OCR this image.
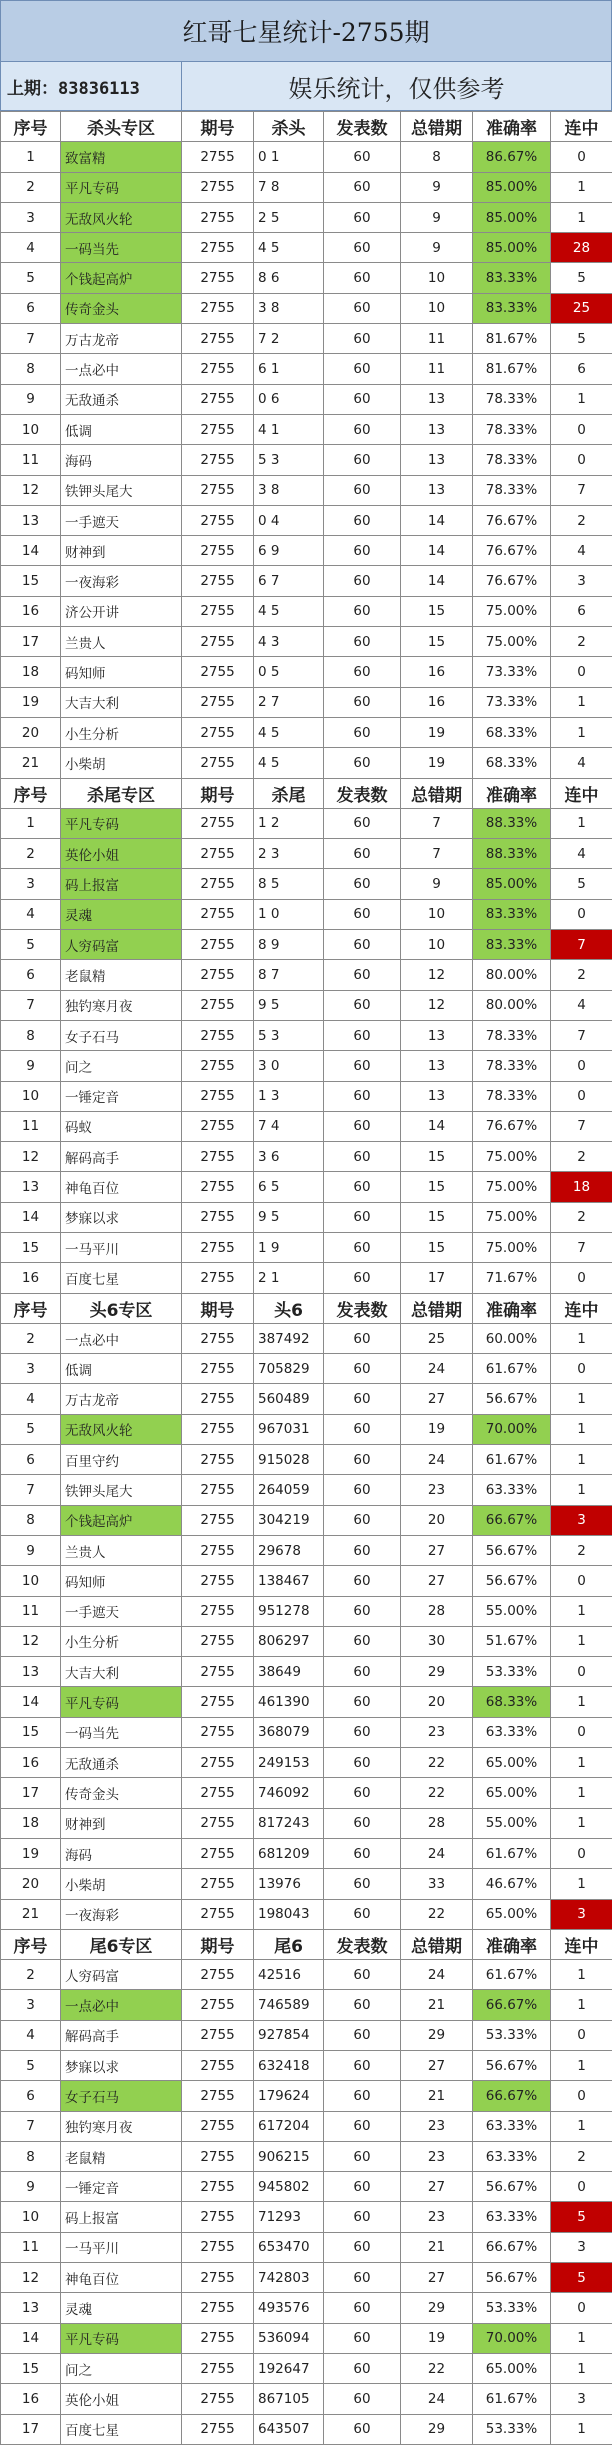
红哥七星统计-2755期
上期：83836113	娱乐统计，仅供参考
序号	杀头专区	期号	杀头	发表数	总错期	准确率	连中
1	致富精	2755	0 1	60	8	86.67%	0
2	平凡专码	2755	7 8	60	9	85.00%	1
3	无敌风火轮	2755	2 5	60	9	85.00%	1
4	一码当先	2755	4 5	60	9	85.00%	28
5	个钱起高炉	2755	8 6	60	10	83.33%	5
6	传奇金头	2755	3 8	60	10	83.33%	25
7	万古龙帝	2755	7 2	60	11	81.67%	5
8	一点必中	2755	6 1	60	11	81.67%	6
9	无敌通杀	2755	0 6	60	13	78.33%	1
10	低调	2755	4 1	60	13	78.33%	0
11	海码	2755	5 3	60	13	78.33%	0
12	铁钾头尾大	2755	3 8	60	13	78.33%	7
13	一手遮天	2755	0 4	60	14	76.67%	2
14	财神到	2755	6 9	60	14	76.67%	4
15	一夜海彩	2755	6 7	60	14	76.67%	3
16	济公开讲	2755	4 5	60	15	75.00%	6
17	兰贵人	2755	4 3	60	15	75.00%	2
18	码知师	2755	0 5	60	16	73.33%	0
19	大吉大利	2755	2 7	60	16	73.33%	1
20	小生分析	2755	4 5	60	19	68.33%	1
21	小柴胡	2755	4 5	60	19	68.33%	4
序号	杀尾专区	期号	杀尾	发表数	总错期	准确率	连中
1	平凡专码	2755	1 2	60	7	88.33%	1
2	英伦小姐	2755	2 3	60	7	88.33%	4
3	码上报富	2755	8 5	60	9	85.00%	5
4	灵魂	2755	1 0	60	10	83.33%	0
5	人穷码富	2755	8 9	60	10	83.33%	7
6	老鼠精	2755	8 7	60	12	80.00%	2
7	独钓寒月夜	2755	9 5	60	12	80.00%	4
8	女子石马	2755	5 3	60	13	78.33%	7
9	问之	2755	3 0	60	13	78.33%	0
10	一锤定音	2755	1 3	60	13	78.33%	0
11	码蚁	2755	7 4	60	14	76.67%	7
12	解码高手	2755	3 6	60	15	75.00%	2
13	神龟百位	2755	6 5	60	15	75.00%	18
14	梦寐以求	2755	9 5	60	15	75.00%	2
15	一马平川	2755	1 9	60	15	75.00%	7
16	百度七星	2755	2 1	60	17	71.67%	0
序号	头6专区	期号	头6	发表数	总错期	准确率	连中
2	一点必中	2755	387492	60	25	60.00%	1
3	低调	2755	705829	60	24	61.67%	0
4	万古龙帝	2755	560489	60	27	56.67%	1
5	无敌风火轮	2755	967031	60	19	70.00%	1
6	百里守约	2755	915028	60	24	61.67%	1
7	铁钾头尾大	2755	264059	60	23	63.33%	1
8	个钱起高炉	2755	304219	60	20	66.67%	3
9	兰贵人	2755	29678	60	27	56.67%	2
10	码知师	2755	138467	60	27	56.67%	0
11	一手遮天	2755	951278	60	28	55.00%	1
12	小生分析	2755	806297	60	30	51.67%	1
13	大吉大利	2755	38649	60	29	53.33%	0
14	平凡专码	2755	461390	60	20	68.33%	1
15	一码当先	2755	368079	60	23	63.33%	0
16	无敌通杀	2755	249153	60	22	65.00%	1
17	传奇金头	2755	746092	60	22	65.00%	1
18	财神到	2755	817243	60	28	55.00%	1
19	海码	2755	681209	60	24	61.67%	0
20	小柴胡	2755	13976	60	33	46.67%	1
21	一夜海彩	2755	198043	60	22	65.00%	3
序号	尾6专区	期号	尾6	发表数	总错期	准确率	连中
2	人穷码富	2755	42516	60	24	61.67%	1
3	一点必中	2755	746589	60	21	66.67%	1
4	解码高手	2755	927854	60	29	53.33%	0
5	梦寐以求	2755	632418	60	27	56.67%	1
6	女子石马	2755	179624	60	21	66.67%	0
7	独钓寒月夜	2755	617204	60	23	63.33%	1
8	老鼠精	2755	906215	60	23	63.33%	2
9	一锤定音	2755	945802	60	27	56.67%	0
10	码上报富	2755	71293	60	23	63.33%	5
11	一马平川	2755	653470	60	21	66.67%	3
12	神龟百位	2755	742803	60	27	56.67%	5
13	灵魂	2755	493576	60	29	53.33%	0
14	平凡专码	2755	536094	60	19	70.00%	1
15	问之	2755	192647	60	22	65.00%	1
16	英伦小姐	2755	867105	60	24	61.67%	3
17	百度七星	2755	643507	60	29	53.33%	1
